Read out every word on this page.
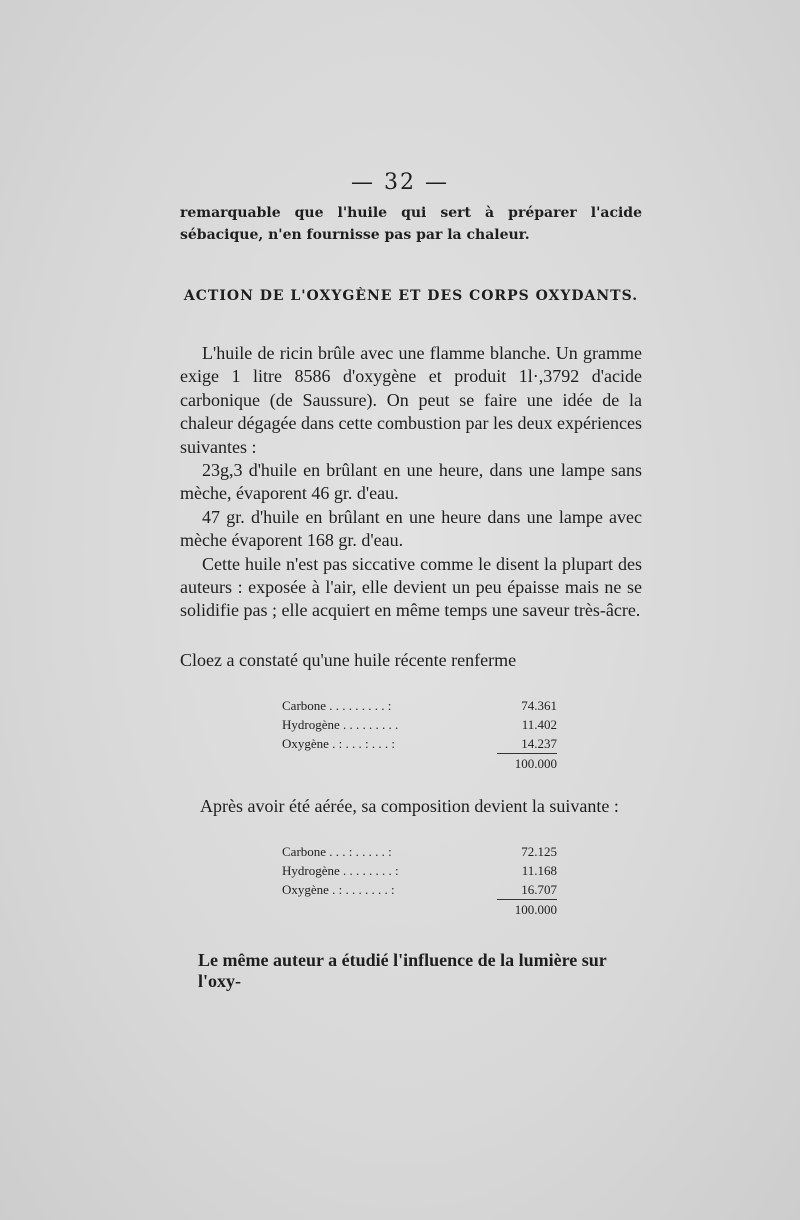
— 32 —
remarquable que l'huile qui sert à préparer l'acide sébacique, n'en fournisse pas par la chaleur.
ACTION DE L'OXYGÈNE ET DES CORPS OXYDANTS.

L'huile de ricin brûle avec une flamme blanche. Un gramme exige 1 litre 8586 d'oxygène et produit 1l·,3792 d'acide carbonique (de Saussure). On peut se faire une idée de la chaleur dégagée dans cette combustion par les deux expériences suivantes :

23g,3 d'huile en brûlant en une heure, dans une lampe sans mèche, évaporent 46 gr. d'eau.

47 gr. d'huile en brûlant en une heure dans une lampe avec mèche évaporent 168 gr. d'eau.

Cette huile n'est pas siccative comme le disent la plupart des auteurs : exposée à l'air, elle devient un peu épaisse mais ne se solidifie pas ; elle acquiert en même temps une saveur très-âcre.

Cloez a constaté qu'une huile récente renferme
Carbone . . . . . . . . . :	74.361
Hydrogène . . . . . . . . .	11.402
Oxygène . : . . . : . . . :	14.237
100.000
Après avoir été aérée, sa composition devient la suivante :
Carbone . . . : . . . . . :	72.125
Hydrogène . . . . . . . . :	11.168
Oxygène . : . . . . . . . :	16.707
100.000
Le même auteur a étudié l'influence de la lumière sur l'oxy-
